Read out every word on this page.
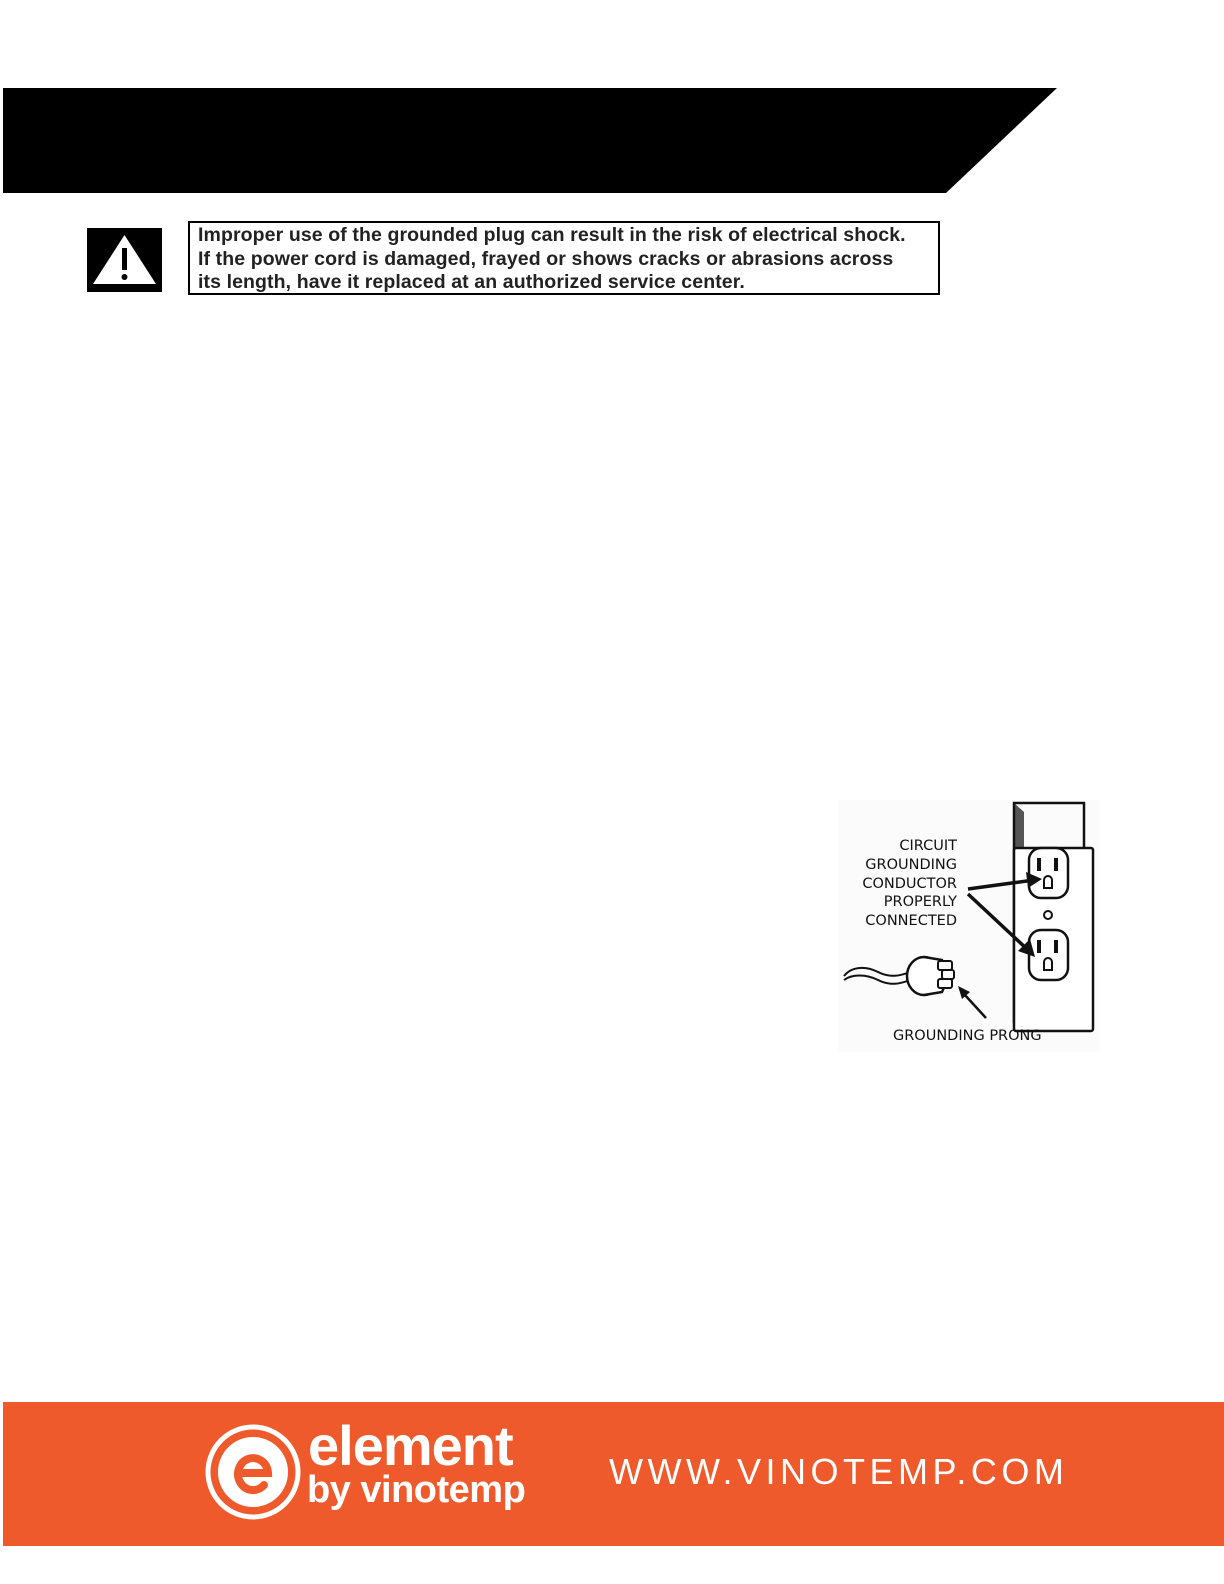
Improper use of the grounded plug can result in the risk of electrical shock.
If the power cord is damaged, frayed or shows cracks or abrasions across
its length, have it replaced at an authorized service center.
CIRCUIT
GROUNDING
CONDUCTOR
PROPERLY
CONNECTED
GROUNDING PRONG
element
by vinotemp WWW.VINOTEMP.COM
